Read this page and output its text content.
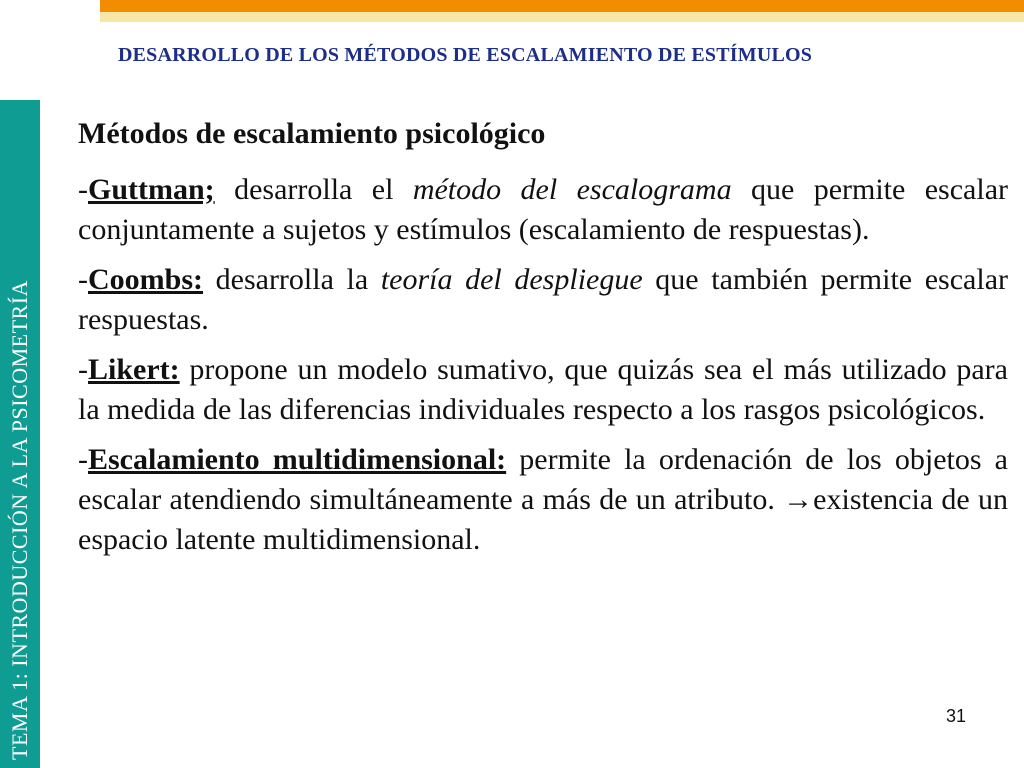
DESARROLLO DE LOS MÉTODOS DE ESCALAMIENTO DE ESTÍMULOS
TEMA 1: INTRODUCCIÓN A LA PSICOMETRÍA
Métodos de escalamiento psicológico

-Guttman; desarrolla el método del escalograma que permite escalar conjuntamente a sujetos y estímulos (escalamiento de respuestas).

-Coombs: desarrolla la teoría del despliegue que también permite escalar respuestas.

-Likert: propone un modelo sumativo, que quizás sea el más utilizado para la medida de las diferencias individuales respecto a los rasgos psicológicos.

-Escalamiento multidimensional: permite la ordenación de los objetos a escalar atendiendo simultáneamente a más de un atributo. →existencia de un espacio latente multidimensional.

31
